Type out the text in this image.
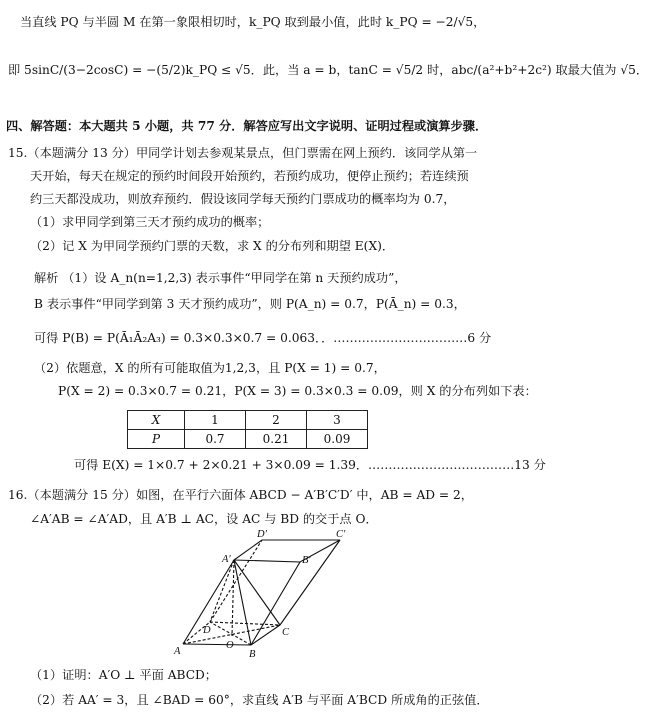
当直线 PQ 与半圆 M 在第一象限相切时，k_PQ 取到最小值，此时 k_PQ = −2/√5，
即 5sinC/(3−2cosC) = −(5/2)k_PQ ≤ √5．此，当 a = b，tanC = √5/2 时，abc/(a²+b²+2c²) 取最大值为 √5．
四、解答题：本大题共 5 小题，共 77 分．解答应写出文字说明、证明过程或演算步骤．
15.（本题满分 13 分）甲同学计划去参观某景点，但门票需在网上预约．该同学从第一
天开始，每天在规定的预约时间段开始预约，若预约成功，便停止预约；若连续预
约三天都没成功，则放弃预约．假设该同学每天预约门票成功的概率均为 0.7，
（1）求甲同学到第三天才预约成功的概率；
（2）记 X 为甲同学预约门票的天数，求 X 的分布列和期望 E(X)．
解析 （1）设 A_n(n=1,2,3) 表示事件“甲同学在第 n 天预约成功”，
B 表示事件“甲同学到第 3 天才预约成功”，则 P(A_n) = 0.7，P(Ā_n) = 0.3，
可得 P(B) = P(Ā₁Ā₂A₃) = 0.3×0.3×0.7 = 0.063．．……………………………6 分
（2）依题意，X 的所有可能取值为1,2,3，且 P(X = 1) = 0.7，
P(X = 2) = 0.3×0.7 = 0.21，P(X = 3) = 0.3×0.3 = 0.09，则 X 的分布列如下表：
X	1	2	3
P	0.7	0.21	0.09
可得 E(X) = 1×0.7 + 2×0.21 + 3×0.09 = 1.39．………………………………13 分
16.（本题满分 15 分）如图，在平行六面体 ABCD − A′B′C′D′ 中，AB = AD = 2，
∠A′AB = ∠A′AD，且 A′B ⊥ AC，设 AC 与 BD 的交于点 O．
A	B
C
D
O
A′	B′
C′
D′
（1）证明：A′O ⊥ 平面 ABCD；
（2）若 AA′ = 3，且 ∠BAD = 60°，求直线 A′B 与平面 A′BCD 所成角的正弦值．
